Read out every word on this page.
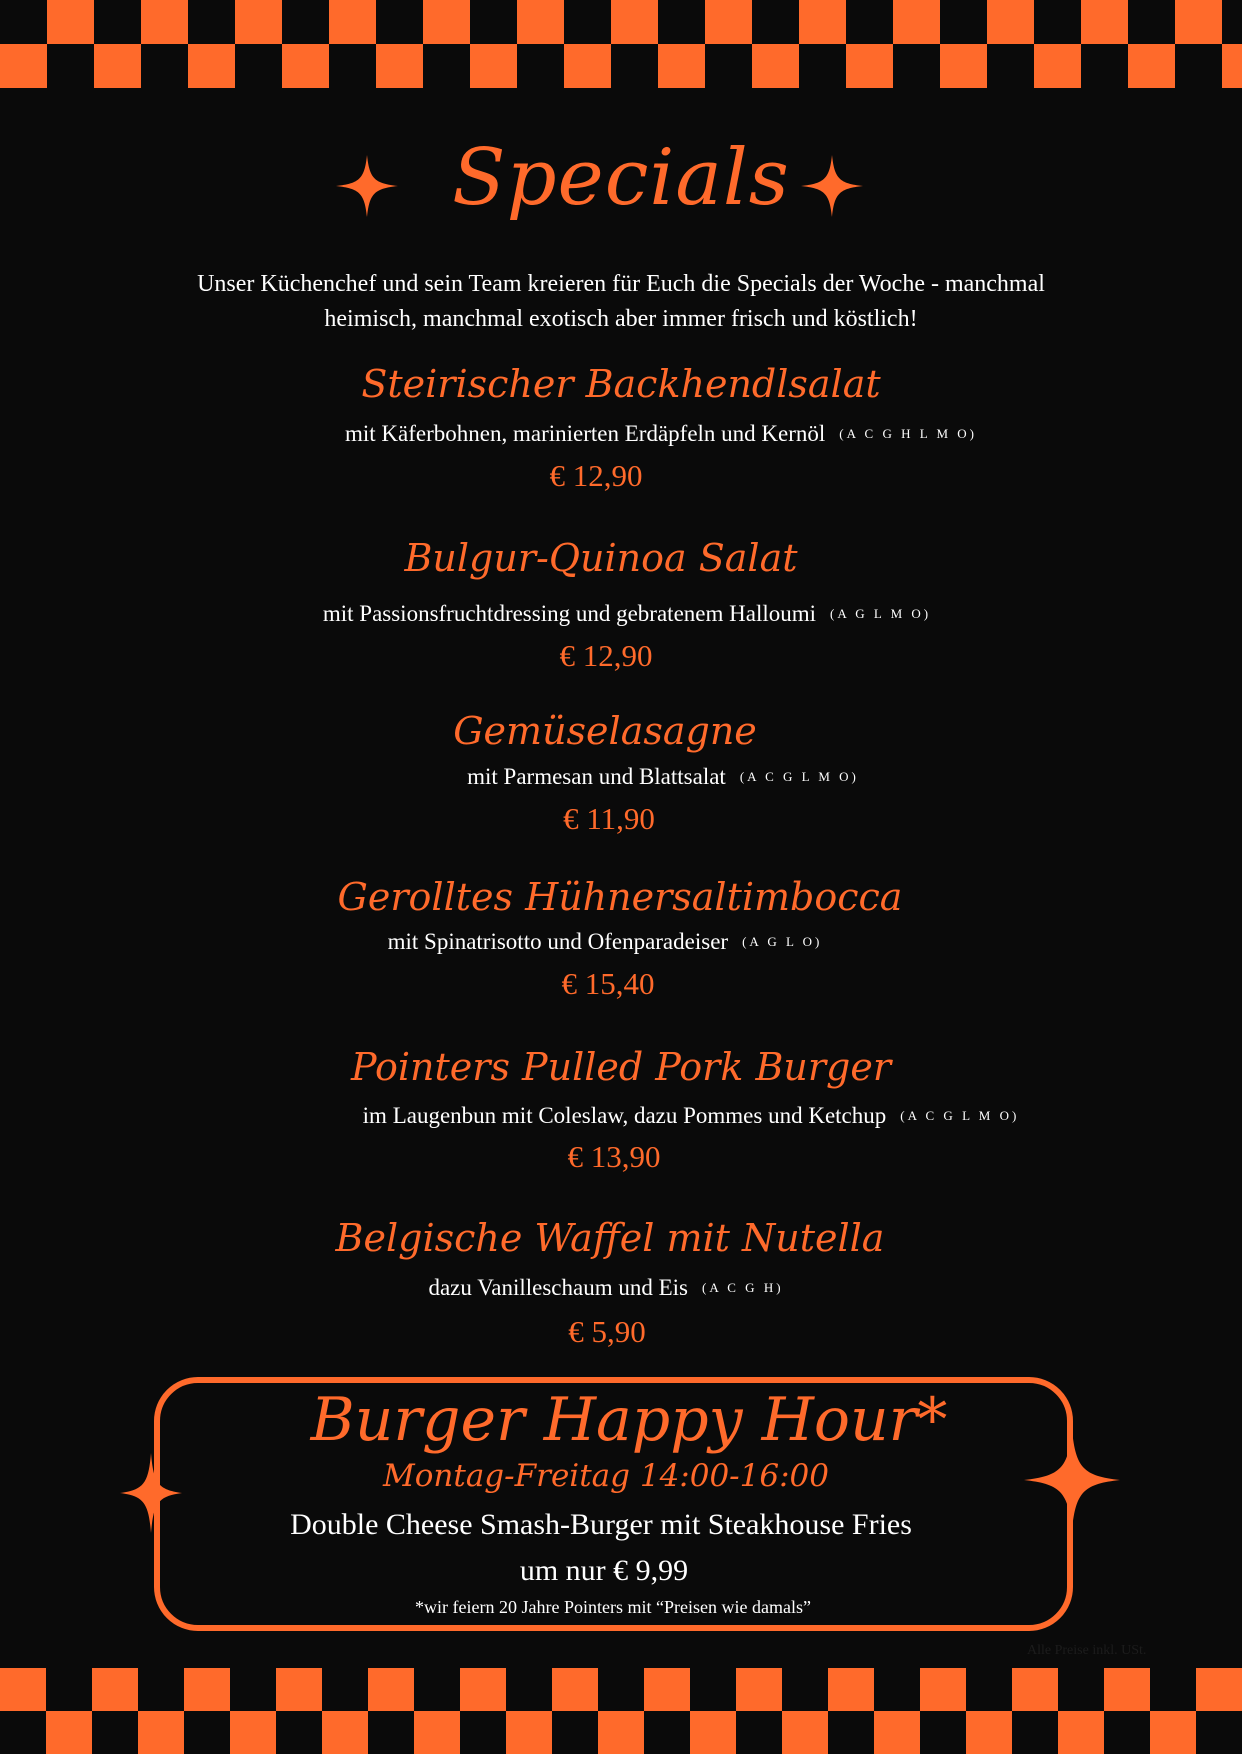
Specials
Unser Küchenchef und sein Team kreieren für Euch die Specials der Woche - manchmal
heimisch, manchmal exotisch aber immer frisch und köstlich!
Steirischer Backhendlsalat
mit Käferbohnen, marinierten Erdäpfeln und Kernöl (A C G H L M O)
€ 12,90
Bulgur-Quinoa Salat
mit Passionsfruchtdressing und gebratenem Halloumi (A G L M O)
€ 12,90
Gemüselasagne
mit Parmesan und Blattsalat (A C G L M O)
€ 11,90
Gerolltes Hühnersaltimbocca
mit Spinatrisotto und Ofenparadeiser (A G L O)
€ 15,40
Pointers Pulled Pork Burger
im Laugenbun mit Coleslaw, dazu Pommes und Ketchup (A C G L M O)
€ 13,90
Belgische Waffel mit Nutella
dazu Vanilleschaum und Eis (A C G H)
€ 5,90
Burger Happy Hour*
Montag-Freitag 14:00-16:00
Double Cheese Smash-Burger mit Steakhouse Fries
um nur € 9,99
*wir feiern 20 Jahre Pointers mit “Preisen wie damals”
Alle Preise inkl. USt.
